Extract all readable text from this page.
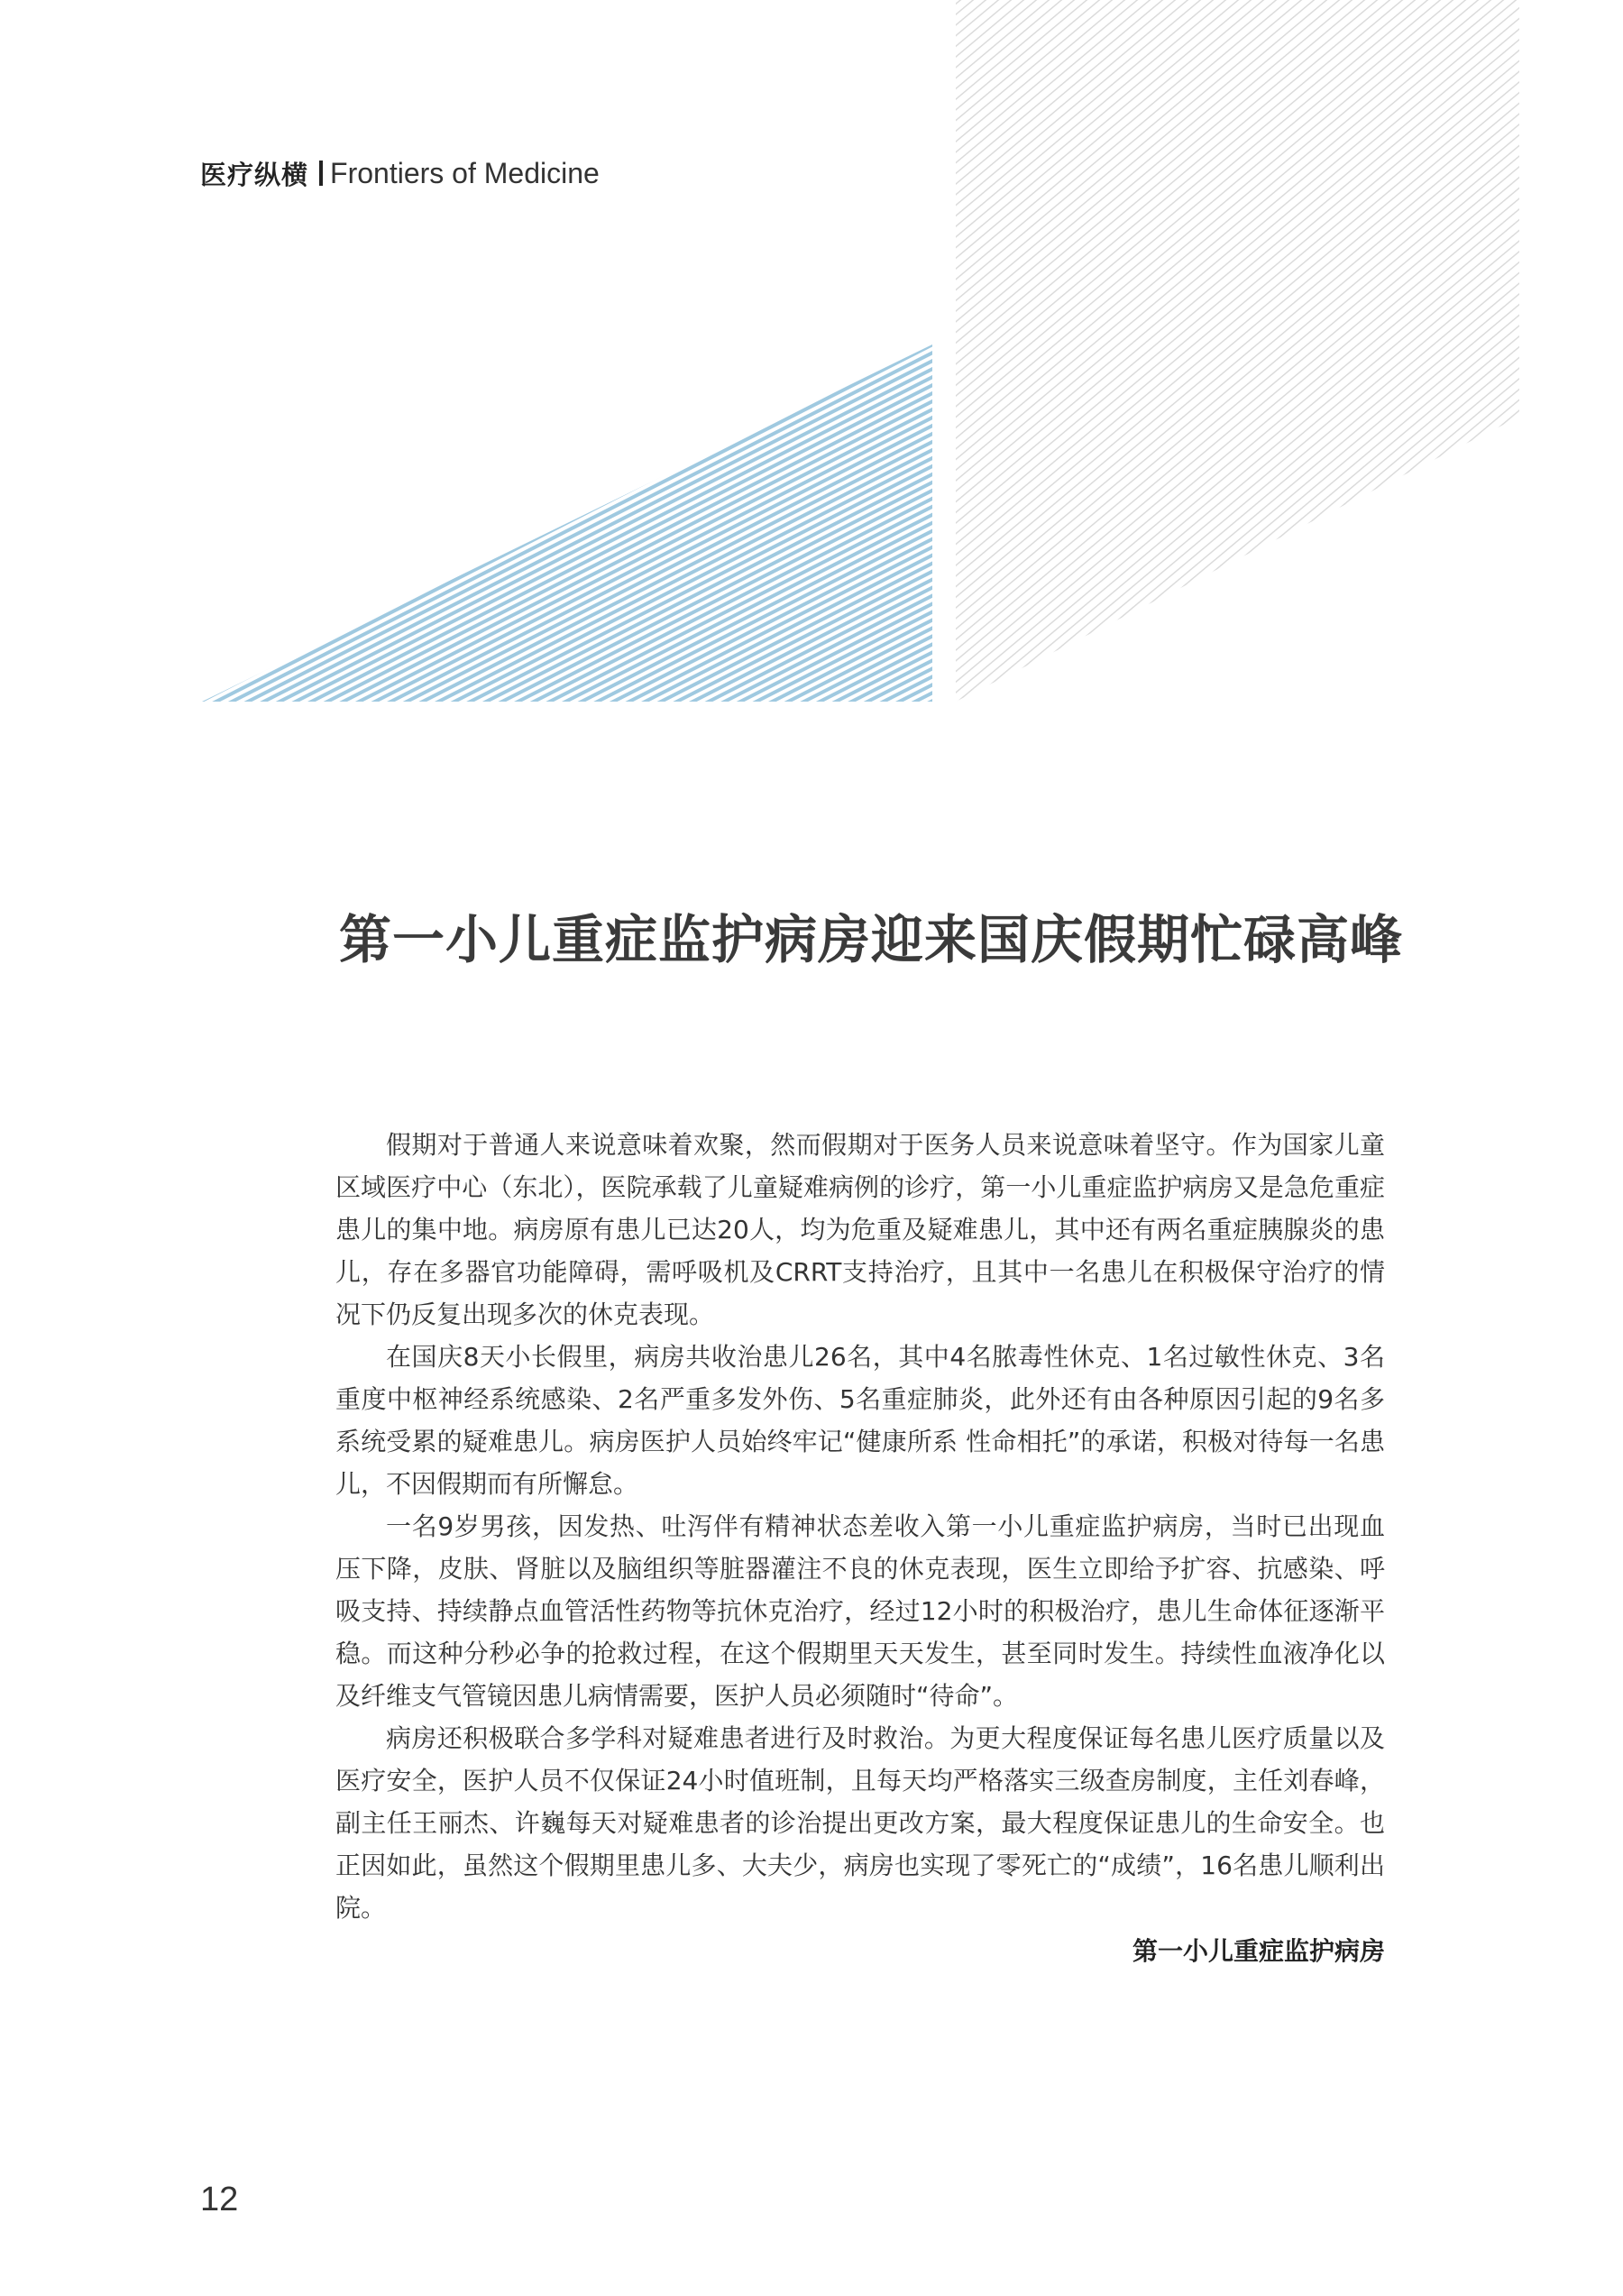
医疗纵横 Frontiers of Medicine
第一小儿重症监护病房迎来国庆假期忙碌高峰

假期对于普通人来说意味着欢聚，然而假期对于医务人员来说意味着坚守。作为国家儿童区域医疗中心（东北），医院承载了儿童疑难病例的诊疗，第一小儿重症监护病房又是急危重症患儿的集中地。病房原有患儿已达20人，均为危重及疑难患儿，其中还有两名重症胰腺炎的患儿，存在多器官功能障碍，需呼吸机及CRRT支持治疗，且其中一名患儿在积极保守治疗的情况下仍反复出现多次的休克表现。

在国庆8天小长假里，病房共收治患儿26名，其中4名脓毒性休克、1名过敏性休克、3名重度中枢神经系统感染、2名严重多发外伤、5名重症肺炎，此外还有由各种原因引起的9名多系统受累的疑难患儿。病房医护人员始终牢记“健康所系 性命相托”的承诺，积极对待每一名患儿，不因假期而有所懈怠。

一名9岁男孩，因发热、吐泻伴有精神状态差收入第一小儿重症监护病房，当时已出现血压下降，皮肤、肾脏以及脑组织等脏器灌注不良的休克表现，医生立即给予扩容、抗感染、呼吸支持、持续静点血管活性药物等抗休克治疗，经过12小时的积极治疗，患儿生命体征逐渐平稳。而这种分秒必争的抢救过程，在这个假期里天天发生，甚至同时发生。持续性血液净化以及纤维支气管镜因患儿病情需要，医护人员必须随时“待命”。

病房还积极联合多学科对疑难患者进行及时救治。为更大程度保证每名患儿医疗质量以及医疗安全，医护人员不仅保证24小时值班制，且每天均严格落实三级查房制度，主任刘春峰，副主任王丽杰、许巍每天对疑难患者的诊治提出更改方案，最大程度保证患儿的生命安全。也正因如此，虽然这个假期里患儿多、大夫少，病房也实现了零死亡的“成绩”，16名患儿顺利出院。

第一小儿重症监护病房
12
